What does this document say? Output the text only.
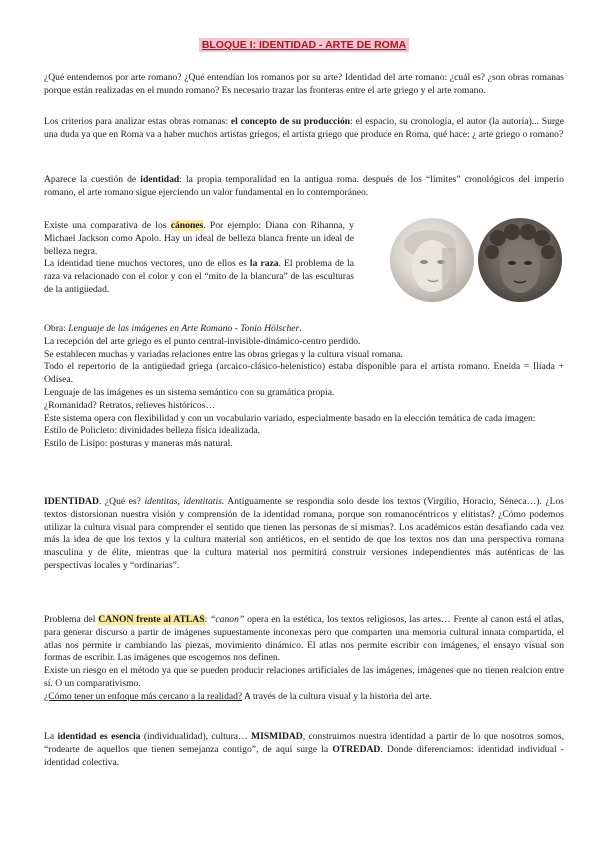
BLOQUE I: IDENTIDAD - ARTE DE ROMA

¿Qué entendemos por arte romano? ¿Qué entendían los romanos por su arte? Identidad del arte romano: ¿cuál es? ¿son obras romanas porque están realizadas en el mundo romano? Es necesario trazar las fronteras entre el arte griego y el arte romano.

Los criterios para analizar estas obras romanas: el concepto de su producción: el espacio, su cronología, el autor (la autoría)... Surge una duda ya que en Roma va a haber muchos artistas griegos, el artista griego que produce en Roma, qué hace: ¿ arte griego o romano?

Aparece la cuestión de identidad: la propia temporalidad en la antigua roma. después de los “límites” cronológicos del imperio romano, el arte romano sigue ejerciendo un valor fundamental en lo contemporáneo.

Existe una comparativa de los cánones. Por ejemplo: Diana con Rihanna, y Michael Jackson como Apolo. Hay un ideal de belleza blanca frente un ideal de belleza negra.

La identidad tiene muchos vectores, uno de ellos es la raza. El problema de la raza va relacionado con el color y con el “mito de la blancura” de las esculturas de la antigüedad.

Obra: Lenguaje de las imágenes en Arte Romano - Tonio Hölscher.

La recepción del arte griego es el punto central-invisible-dinámico-centro perdido.

Se establecen muchas y variadas relaciones entre las obras griegas y la cultura visual romana.

Todo el repertorio de la antigüedad griega (arcaico-clásico-helenístico) estaba disponible para el artista romano. Eneida = Ilíada + Odisea.

Lenguaje de las imágenes es un sistema semántico con su gramática propia.

¿Romanidad? Retratos, relieves históricos…

Este sistema opera con flexibilidad y con un vocabulario variado, especialmente basado en la elección temática de cada imagen:

Estilo de Policleto: divinidades belleza física idealizada.

Estilo de Lisipo: posturas y maneras más natural.

IDENTIDAD. ¿Qué es? identitas, identitatis. Antiguamente se respondía solo desde los textos (Virgilio, Horacio, Séneca…). ¿Los textos distorsionan nuestra visión y comprensión de la identidad romana, porque son romanocéntricos y elitistas? ¿Cómo podemos utilizar la cultura visual para comprender el sentido que tienen las personas de sí mismas?. Los académicos están desafiando cada vez más la idea de que los textos y la cultura material son antiéticos, en el sentido de que los textos nos dan una perspectiva romana masculina y de élite, mientras que la cultura material nos permitirá construir versiones independientes más auténticas de las perspectivas locales y “ordinarias”.

Problema del CANON frente al ATLAS: “canon” opera en la estética, los textos religiosos, las artes… Frente al canon está el atlas, para generar discurso a partir de imágenes supuestamente inconexas pero que comparten una memoria cultural innata compartida, el atlas nos permite ir cambiando las piezas, movimiento dinámico. El atlas nos permite escribir con imágenes, el ensayo visual son formas de escribir. Las imágenes que escogemos nos definen.

Existe un riesgo en el método ya que se pueden producir relaciones artificiales de las imágenes, imágenes que no tienen realcion entre sí. O un comparativismo.

¿Cómo tener un enfoque más cercano a la realidad? A través de la cultura visual y la historia del arte.

La identidad es esencia (individualidad), cultura… MISMIDAD, construimos nuestra identidad a partir de lo que nosotros somos, “rodearte de aquellos que tienen semejanza contigo”, de aquí surge la OTREDAD. Donde diferenciamos: identidad individual - identidad colectiva.
